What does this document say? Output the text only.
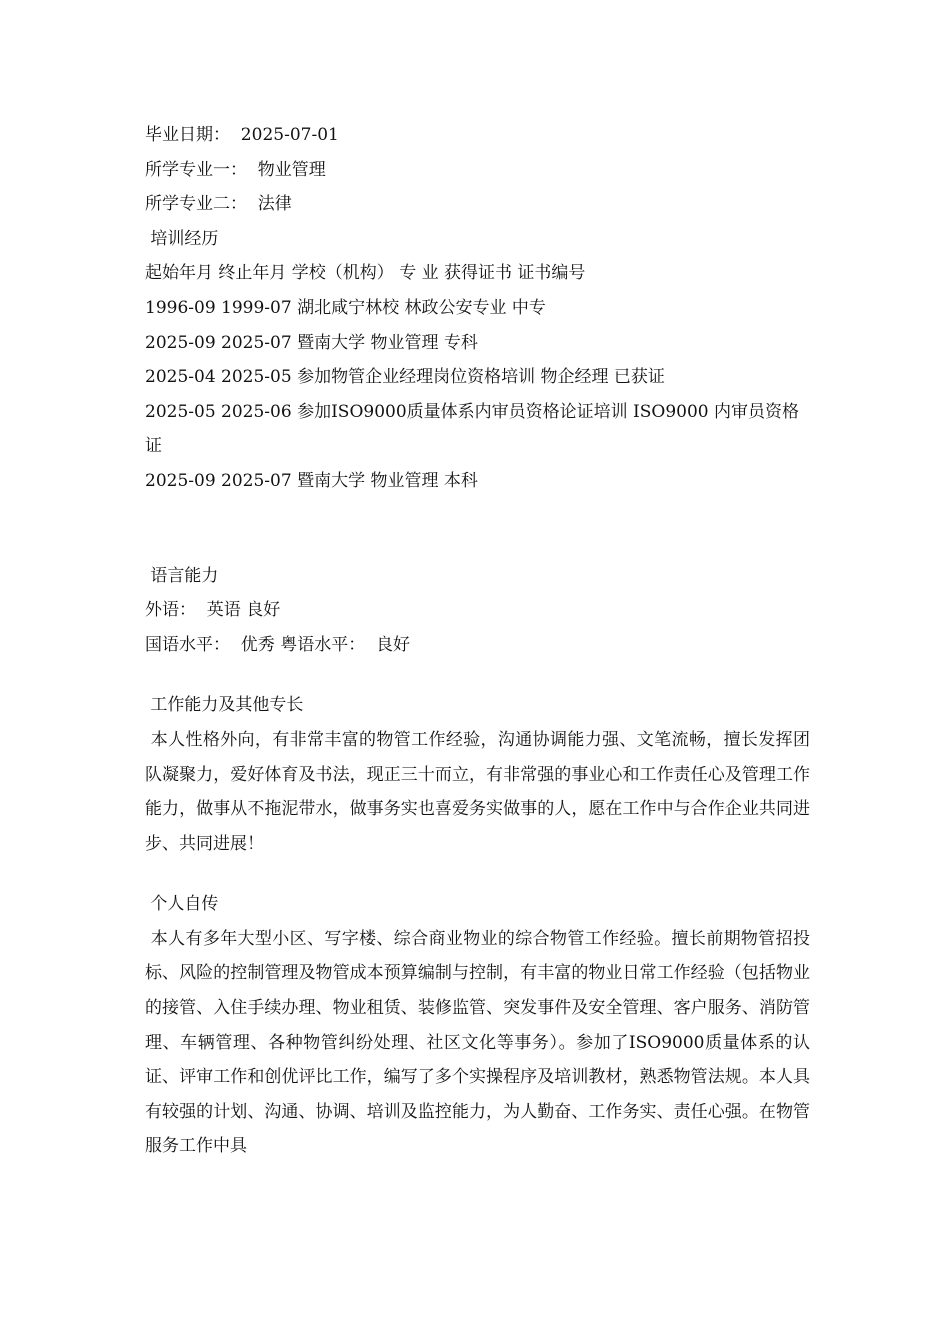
毕业日期：  2025-07-01
所学专业一：  物业管理
所学专业二：  法律
培训经历
起始年月 终止年月 学校（机构） 专 业 获得证书 证书编号
1996-09 1999-07 湖北咸宁林校 林政公安专业 中专
2025-09 2025-07 暨南大学 物业管理 专科
2025-04 2025-05 参加物管企业经理岗位资格培训 物企经理 已获证
2025-05 2025-06 参加ISO9000质量体系内审员资格论证培训 ISO9000 内审员资格证
2025-09 2025-07 暨南大学 物业管理 本科
语言能力
外语：  英语 良好
国语水平：  优秀 粤语水平：  良好
工作能力及其他专长
本人性格外向，有非常丰富的物管工作经验，沟通协调能力强、文笔流畅，擅长发挥团队凝聚力，爱好体育及书法，现正三十而立，有非常强的事业心和工作责任心及管理工作能力，做事从不拖泥带水，做事务实也喜爱务实做事的人，愿在工作中与合作企业共同进步、共同进展！
个人自传
本人有多年大型小区、写字楼、综合商业物业的综合物管工作经验。擅长前期物管招投标、风险的控制管理及物管成本预算编制与控制，有丰富的物业日常工作经验（包括物业的接管、入住手续办理、物业租赁、装修监管、突发事件及安全管理、客户服务、消防管理、车辆管理、各种物管纠纷处理、社区文化等事务）。参加了ISO9000质量体系的认证、评审工作和创优评比工作，编写了多个实操程序及培训教材，熟悉物管法规。本人具有较强的计划、沟通、协调、培训及监控能力，为人勤奋、工作务实、责任心强。在物管服务工作中具
